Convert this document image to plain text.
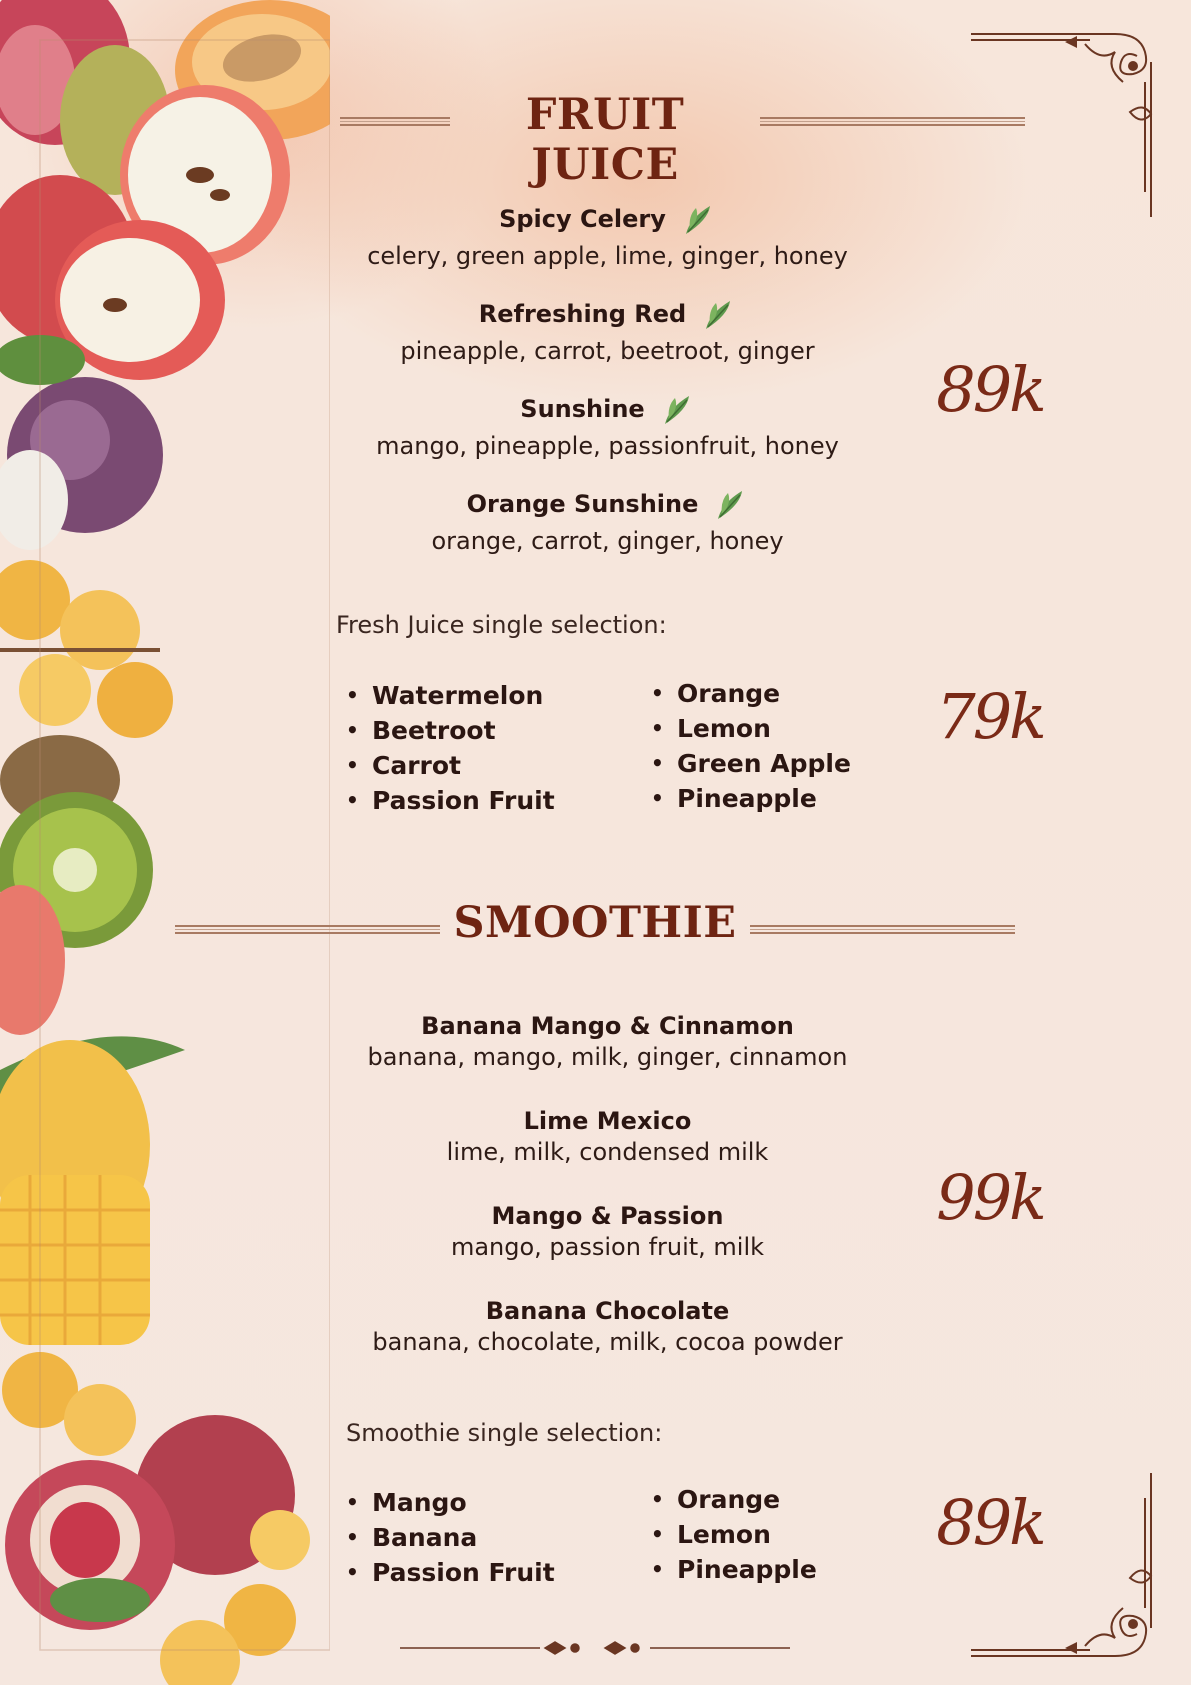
FRUIT JUICE
Spicy Celery
celery, green apple, lime, ginger, honey
Refreshing Red
pineapple, carrot, beetroot, ginger
Sunshine
mango, pineapple, passionfruit, honey
Orange Sunshine
orange, carrot, ginger, honey
89k
Fresh Juice single selection:
• Watermelon
• Beetroot
• Carrot
• Passion Fruit
• Orange
• Lemon
• Green Apple
• Pineapple
79k
SMOOTHIE
Banana Mango & Cinnamon
banana, mango, milk, ginger, cinnamon
Lime Mexico
lime, milk, condensed milk
Mango & Passion
mango, passion fruit, milk
Banana Chocolate
banana, chocolate, milk, cocoa powder
99k
Smoothie single selection:
• Mango
• Banana
• Passion Fruit
• Orange
• Lemon
• Pineapple
89k
